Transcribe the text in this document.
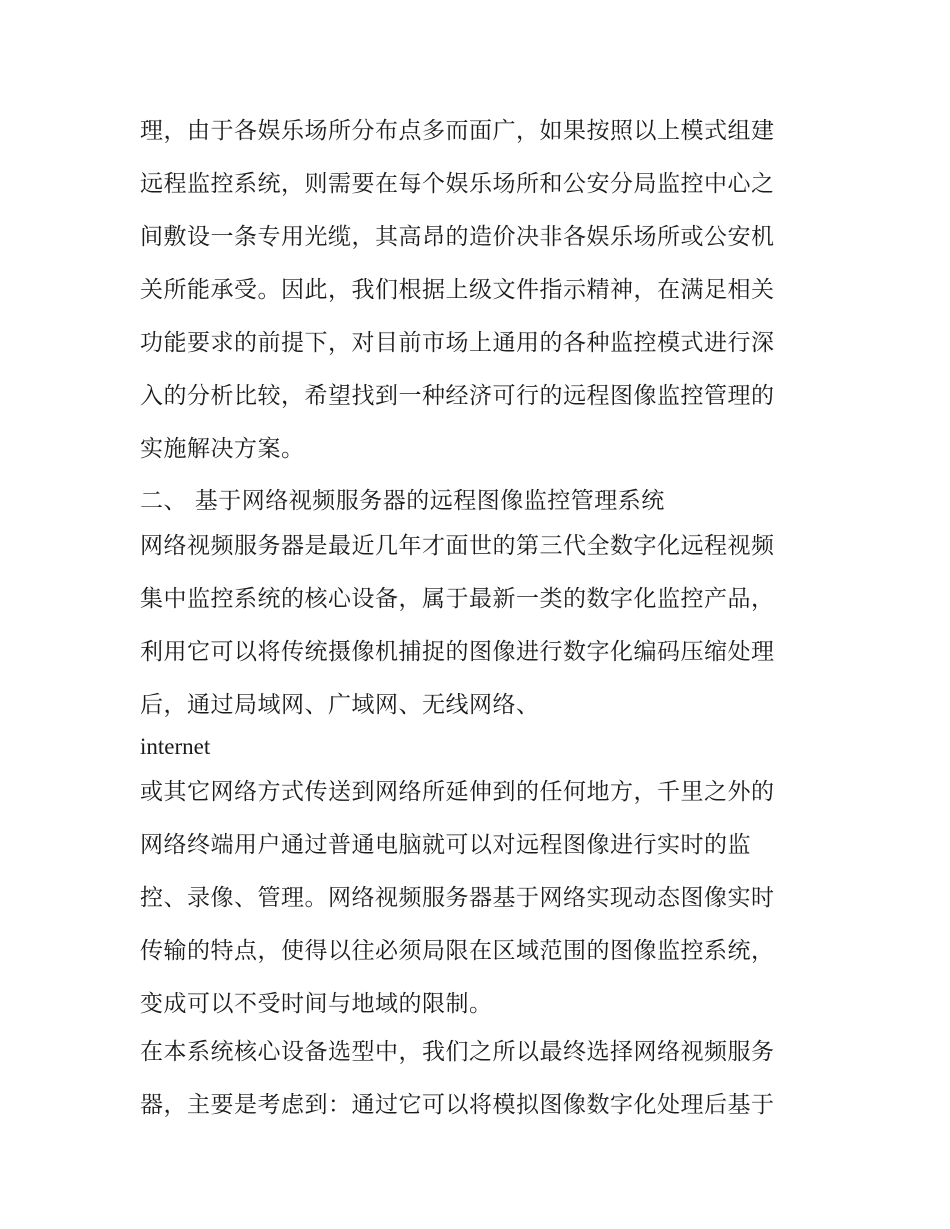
理，由于各娱乐场所分布点多而面广，如果按照以上模式组建
远程监控系统，则需要在每个娱乐场所和公安分局监控中心之
间敷设一条专用光缆，其高昂的造价决非各娱乐场所或公安机
关所能承受。因此，我们根据上级文件指示精神，在满足相关
功能要求的前提下，对目前市场上通用的各种监控模式进行深
入的分析比较，希望找到一种经济可行的远程图像监控管理的
实施解决方案。
二、 基于网络视频服务器的远程图像监控管理系统
网络视频服务器是最近几年才面世的第三代全数字化远程视频
集中监控系统的核心设备，属于最新一类的数字化监控产品，
利用它可以将传统摄像机捕捉的图像进行数字化编码压缩处理
后，通过局域网、广域网、无线网络、
internet
或其它网络方式传送到网络所延伸到的任何地方，千里之外的
网络终端用户通过普通电脑就可以对远程图像进行实时的监
控、录像、管理。网络视频服务器基于网络实现动态图像实时
传输的特点，使得以往必须局限在区域范围的图像监控系统，
变成可以不受时间与地域的限制。
在本系统核心设备选型中，我们之所以最终选择网络视频服务
器，主要是考虑到：通过它可以将模拟图像数字化处理后基于
